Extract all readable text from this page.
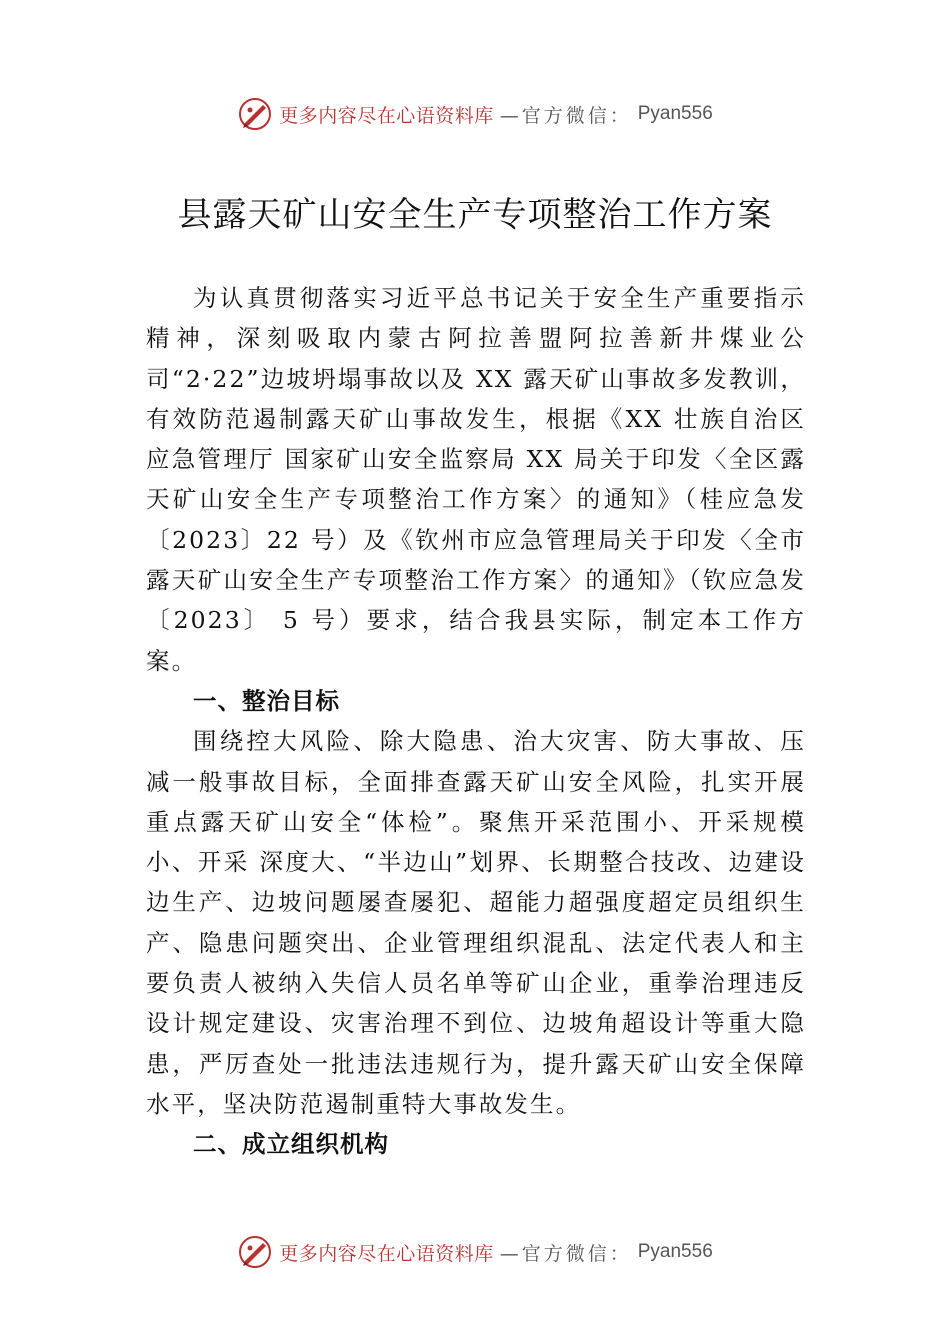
更多内容尽在心语资料库 —官方微信： Pyan556
县露天矿山安全生产专项整治工作方案

为认真贯彻落实习近平总书记关于安全生产重要指示精神，深刻吸取内蒙古阿拉善盟阿拉善新井煤业公司“2·22”边坡坍塌事故以及 XX 露天矿山事故多发教训，有效防范遏制露天矿山事故发生，根据《XX 壮族自治区应急管理厅 国家矿山安全监察局 XX 局关于印发〈全区露天矿山安全生产专项整治工作方案〉的通知》（桂应急发〔2023〕22 号）及《钦州市应急管理局关于印发〈全市露天矿山安全生产专项整治工作方案〉的通知》（钦应急发〔2023〕 5 号）要求，结合我县实际，制定本工作方案。

一、整治目标

围绕控大风险、除大隐患、治大灾害、防大事故、压减一般事故目标，全面排查露天矿山安全风险，扎实开展重点露天矿山安全“体检”。聚焦开采范围小、开采规模小、开采 深度大、“半边山”划界、长期整合技改、边建设边生产、边坡问题屡查屡犯、超能力超强度超定员组织生产、隐患问题突出、企业管理组织混乱、法定代表人和主要负责人被纳入失信人员名单等矿山企业，重拳治理违反设计规定建设、灾害治理不到位、边坡角超设计等重大隐患，严厉查处一批违法违规行为，提升露天矿山安全保障水平，坚决防范遏制重特大事故发生。

二、成立组织机构
更多内容尽在心语资料库 —官方微信： Pyan556
